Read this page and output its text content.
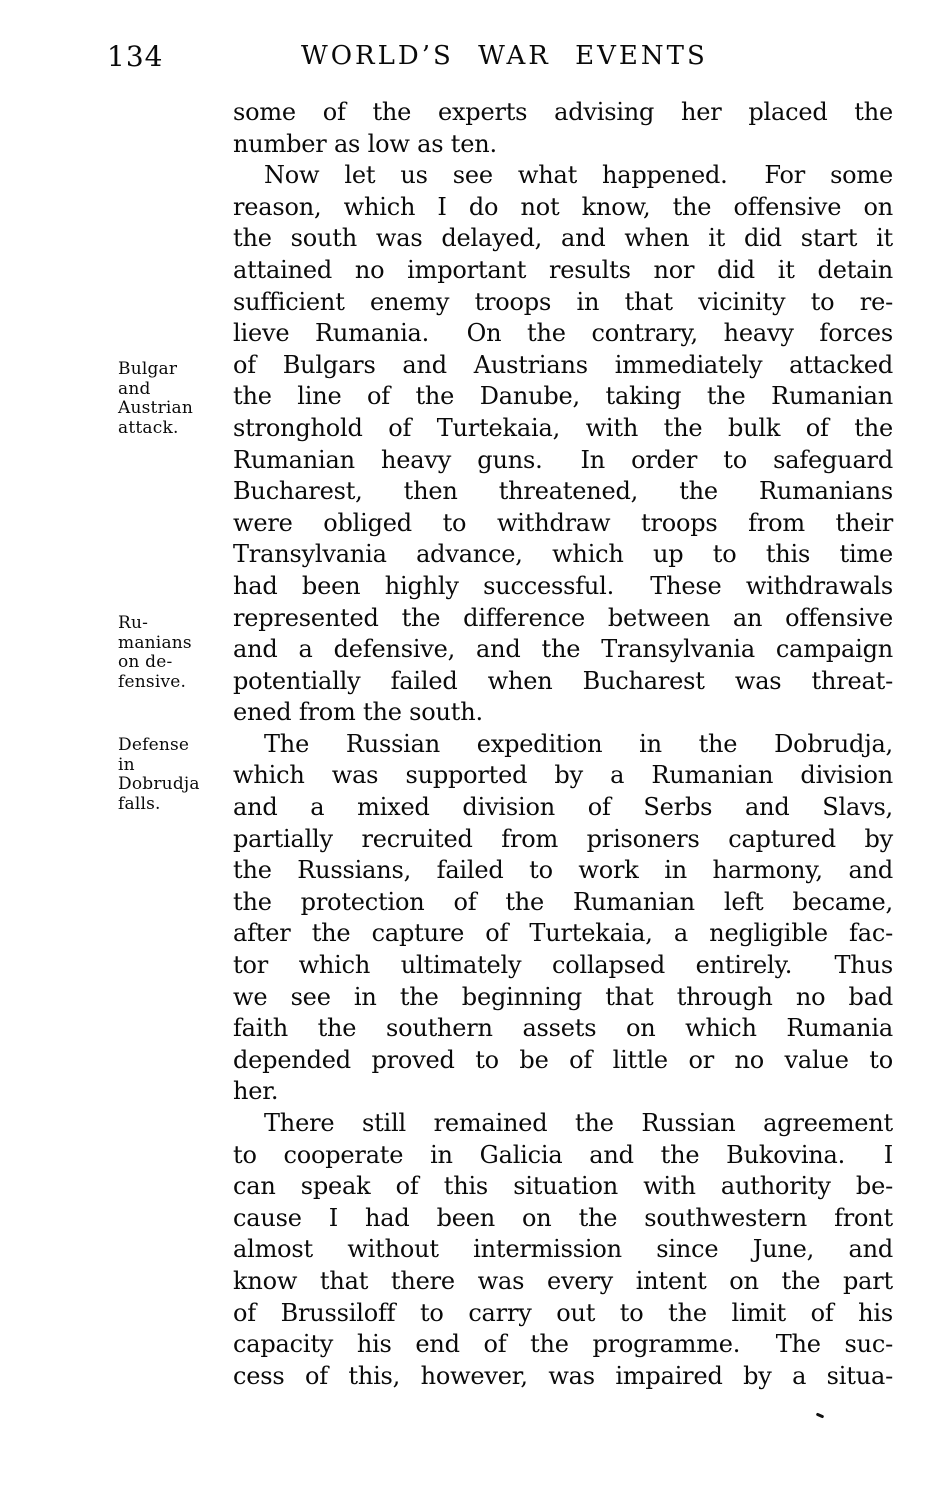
134	WORLD’S WAR EVENTS
Bulgar
and
Austrian
attack.
Ru-
manians
on de-
fensive.
Defense
in
Dobrudja
falls.
some of the experts advising her placed the
number as low as ten.
Now let us see what happened.  For some
reason, which I do not know, the offensive on
the south was delayed, and when it did start it
attained no important results nor did it detain
sufficient enemy troops in that vicinity to re-
lieve Rumania.  On the contrary, heavy forces
of Bulgars and Austrians immediately attacked
the line of the Danube, taking the Rumanian
stronghold of Turtekaia, with the bulk of the
Rumanian heavy guns.  In order to safeguard
Bucharest, then threatened, the Rumanians
were obliged to withdraw troops from their
Transylvania advance, which up to this time
had been highly successful.  These withdrawals
represented the difference between an offensive
and a defensive, and the Transylvania campaign
potentially failed when Bucharest was threat-
ened from the south.
The Russian expedition in the Dobrudja,
which was supported by a Rumanian division
and a mixed division of Serbs and Slavs,
partially recruited from prisoners captured by
the Russians, failed to work in harmony, and
the protection of the Rumanian left became,
after the capture of Turtekaia, a negligible fac-
tor which ultimately collapsed entirely.  Thus
we see in the beginning that through no bad
faith the southern assets on which Rumania
depended proved to be of little or no value to
her.
There still remained the Russian agreement
to cooperate in Galicia and the Bukovina.  I
can speak of this situation with authority be-
cause I had been on the southwestern front
almost without intermission since June, and
know that there was every intent on the part
of Brussiloff to carry out to the limit of his
capacity his end of the programme.  The suc-
cess of this, however, was impaired by a situa-
